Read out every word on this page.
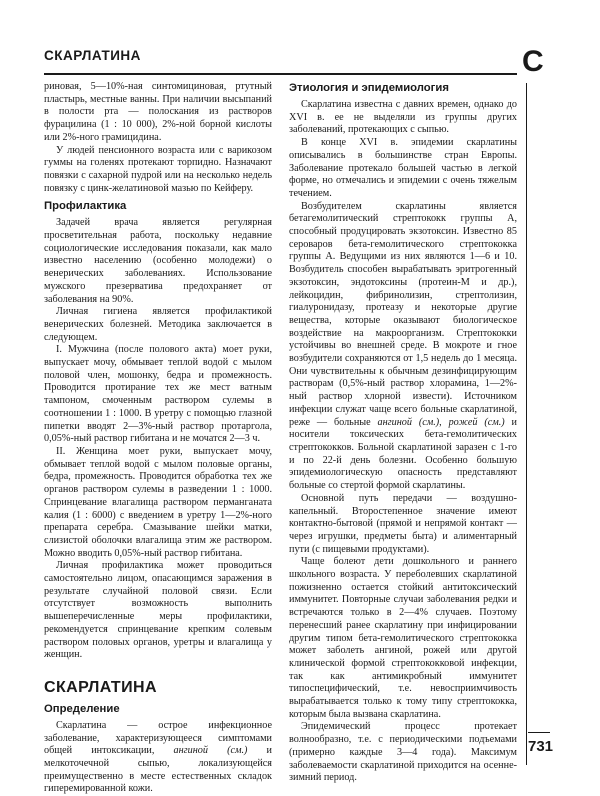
СКАРЛАТИНА	С

риновая, 5—10%-ная синтомициновая, ртутный пластырь, местные ванны. При наличии высыпаний в полости рта — полоскания из растворов фурацилина (1 : 10 000), 2%-ной борной кислоты или 2%-ного грамицидина.

У людей пенсионного возраста или с варикозом гуммы на голенях протекают торпидно. Назначают повязки с сахарной пудрой или на несколько недель повязку с цинк-желатиновой мазью по Кейферу.

Профилактика

Задачей врача является регулярная просветительная работа, поскольку недавние социологические исследования показали, как мало известно населению (особенно молодежи) о венерических заболеваниях. Использование мужского презерватива предохраняет от заболевания на 90%.

Личная гигиена является профилактикой венерических болезней. Методика заключается в следующем.

I. Мужчина (после полового акта) моет руки, выпускает мочу, обмывает теплой водой с мылом половой член, мошонку, бедра и промежность. Проводится протирание тех же мест ватным тампоном, смоченным раствором сулемы в соотношении 1 : 1000. В уретру с помощью глазной пипетки вводят 2—3%-ный раствор протаргола, 0,05%-ный раствор гибитана и не мочатся 2—3 ч.

II. Женщина моет руки, выпускает мочу, обмывает теплой водой с мылом половые органы, бедра, промежность. Проводится обработка тех же органов раствором сулемы в разведении 1 : 1000. Спринцевание влагалища раствором перманганата калия (1 : 6000) с введением в уретру 1—2%-ного препарата серебра. Смазывание шейки матки, слизистой оболочки влагалища этим же раствором. Можно вводить 0,05%-ный раствор гибитана.

Личная профилактика может проводиться самостоятельно лицом, опасающимся заражения в результате случайной половой связи. Если отсутствует возможность выполнить вышеперечисленные меры профилактики, рекомендуется спринцевание крепким солевым раствором половых органов, уретры и влагалища у женщин.

СКАРЛАТИНА
Определение

Скарлатина — острое инфекционное заболевание, характеризующееся симптомами общей интоксикации, ангиной (см.) и мелкоточечной сыпью, локализующейся преимущественно в месте естественных складок гиперемированной кожи.

Этиология и эпидемиология

Скарлатина известна с давних времен, однако до XVI в. ее не выделяли из группы других заболеваний, протекающих с сыпью.

В конце XVI в. эпидемии скарлатины описывались в большинстве стран Европы. Заболевание протекало большей частью в легкой форме, но отмечались и эпидемии с очень тяжелым течением.

Возбудителем скарлатины является бетагемолитический стрептококк группы А, способный продуцировать экзотоксин. Известно 85 сероваров бета-гемолитического стрептококка группы А. Ведущими из них являются 1—6 и 10. Возбудитель способен вырабатывать эритрогенный экзотоксин, эндотоксины (протеин-М и др.), лейкоцидин, фибринолизин, стрептолизин, гиалуронидазу, протеазу и некоторые другие вещества, которые оказывают биологическое воздействие на макроорганизм. Стрептококки устойчивы во внешней среде. В мокроте и гное возбудители сохраняются от 1,5 недель до 1 месяца. Они чувствительны к обычным дезинфицирующим растворам (0,5%-ный раствор хлорамина, 1—2%-ный раствор хлорной извести). Источником инфекции служат чаще всего больные скарлатиной, реже — больные ангиной (см.), рожей (см.) и носители токсических бета-гемолитических стрептококков. Больной скарлатиной заразен с 1-го и по 22-й день болезни. Особенно большую эпидемиологическую опасность представляют больные со стертой формой скарлатины.

Основной путь передачи — воздушно-капельный. Второстепенное значение имеют контактно-бытовой (прямой и непрямой контакт — через игрушки, предметы быта) и алиментарный пути (с пищевыми продуктами).

Чаще болеют дети дошкольного и раннего школьного возраста. У переболевших скарлатиной пожизненно остается стойкий антитоксический иммунитет. Повторные случаи заболевания редки и встречаются только в 2—4% случаев. Поэтому перенесший ранее скарлатину при инфицировании другим типом бета-гемолитического стрептококка может заболеть ангиной, рожей или другой клинической формой стрептококковой инфекции, так как антимикробный иммунитет типоспецифический, т.е. невосприимчивость вырабатывается только к тому типу стрептококка, которым была вызвана скарлатина.

Эпидемический процесс протекает волнообразно, т.е. с периодическими подъемами (примерно каждые 3—4 года). Максимум заболеваемости скарлатиной приходится на осенне-зимний период.

731
